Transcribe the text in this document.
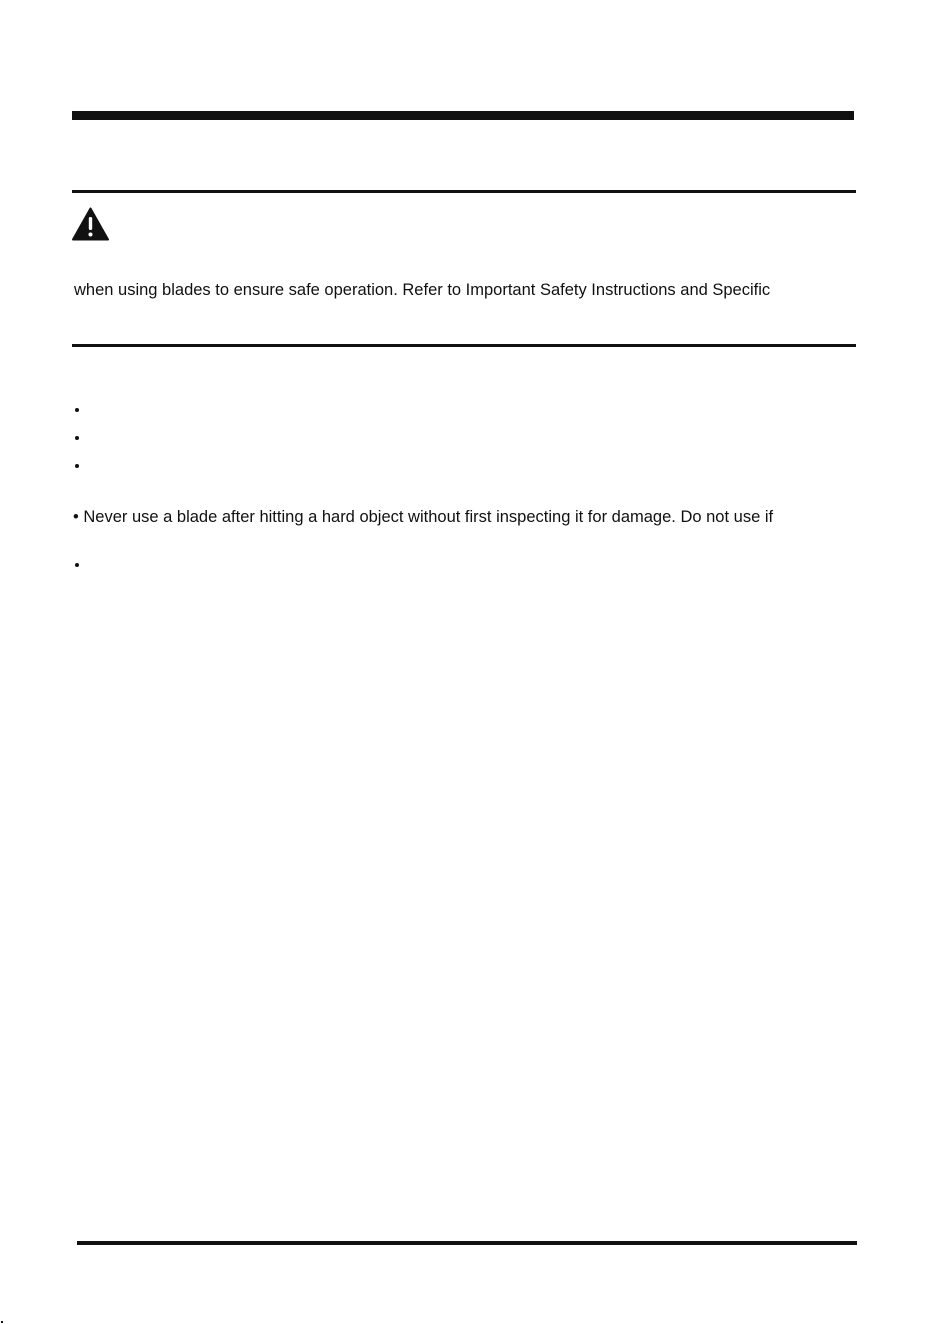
when using blades to ensure safe operation. Refer to Important Safety Instructions and Specific
• Never use a blade after hitting a hard object without first inspecting it for damage. Do not use if
